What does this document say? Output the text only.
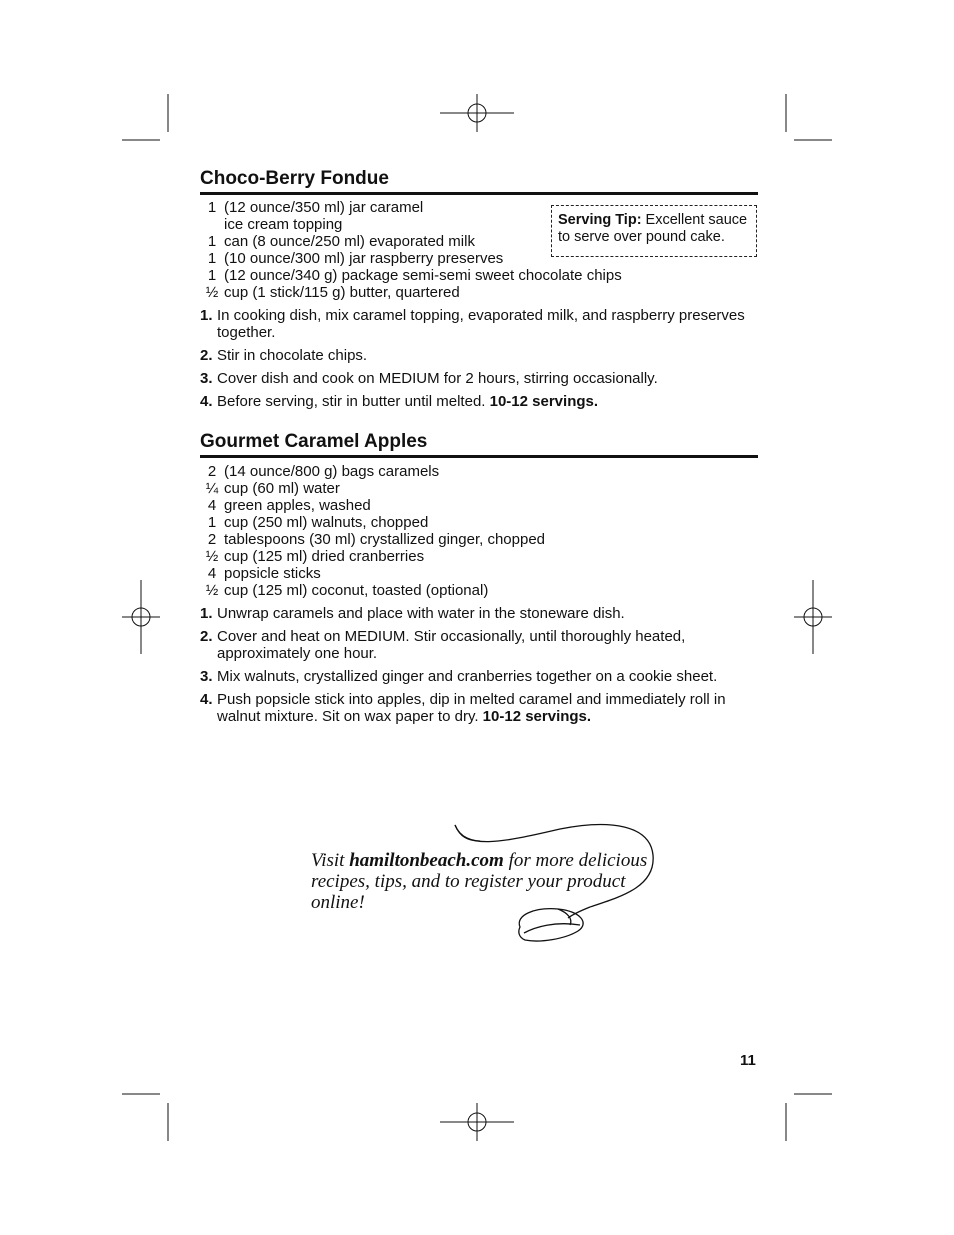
Choco-Berry Fondue
1 (12 ounce/350 ml) jar caramel
ice cream topping
1 can (8 ounce/250 ml) evaporated milk
1 (10 ounce/300 ml) jar raspberry preserves
1 (12 ounce/340 g) package semi-semi sweet chocolate chips
½ cup (1 stick/115 g) butter, quartered
1. In cooking dish, mix caramel topping, evaporated milk, and raspberry preserves together.
2. Stir in chocolate chips.
3. Cover dish and cook on MEDIUM for 2 hours, stirring occasionally.
4. Before serving, stir in butter until melted. 10-12 servings.
Serving Tip: Excellent sauce to serve over pound cake.
Gourmet Caramel Apples
2 (14 ounce/800 g) bags caramels
¼ cup (60 ml) water
4 green apples, washed
1 cup (250 ml) walnuts, chopped
2 tablespoons (30 ml) crystallized ginger, chopped
½ cup (125 ml) dried cranberries
4 popsicle sticks
½ cup (125 ml) coconut, toasted (optional)
1. Unwrap caramels and place with water in the stoneware dish.
2. Cover and heat on MEDIUM. Stir occasionally, until thoroughly heated, approximately one hour.
3. Mix walnuts, crystallized ginger and cranberries together on a cookie sheet.
4. Push popsicle stick into apples, dip in melted caramel and immediately roll in walnut mixture. Sit on wax paper to dry. 10-12 servings.

Visit hamiltonbeach.com for more delicious recipes, tips, and to register your product online!

11
